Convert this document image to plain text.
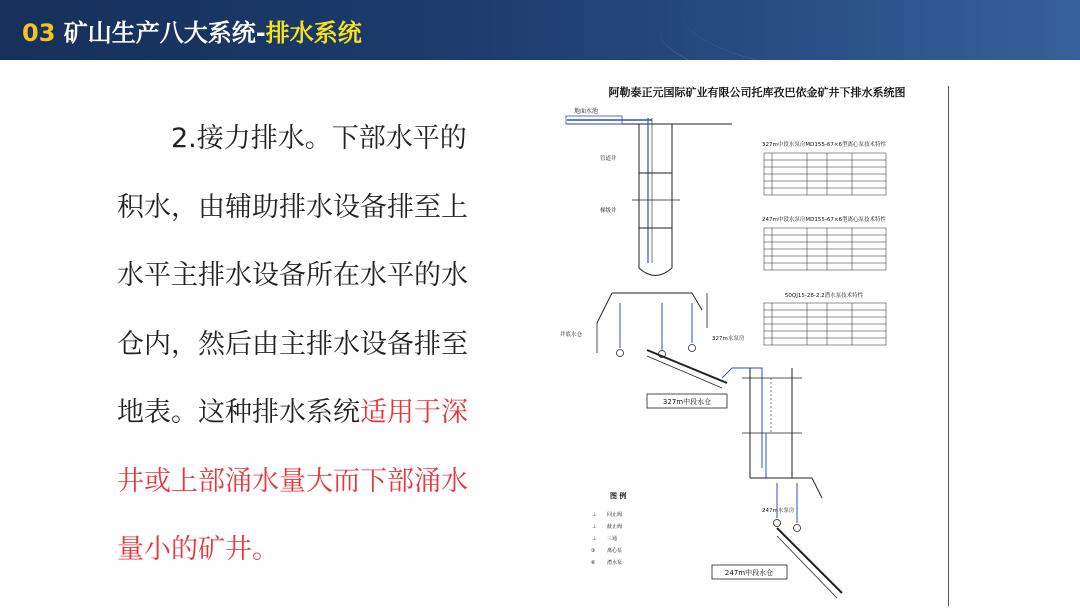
03 矿山生产八大系统-排水系统
2.接力排水。下部水平的积水，由辅助排水设备排至上水平主排水设备所在水平的水仓内，然后由主排水设备排至地表。这种排水系统适用于深井或上部涌水量大而下部涌水量小的矿井。
阿勒泰正元国际矿业有限公司托库孜巴依金矿井下排水系统图
地面水池
管道井
梯级井
井底水仓
327m水泵房
327m中段水仓
247m水泵房
247m中段水仓
327m中段水泵房MD155-67×6型离心泵技术特性
247m中段水泵房MD155-67×6型离心泵技术特性
50QJ15-28-2.2潜水泵技术特性
图 例
⊥ 回止阀
⊥ 截止阀
⊥ 三通
③ 离心泵
⑥ 潜水泵
